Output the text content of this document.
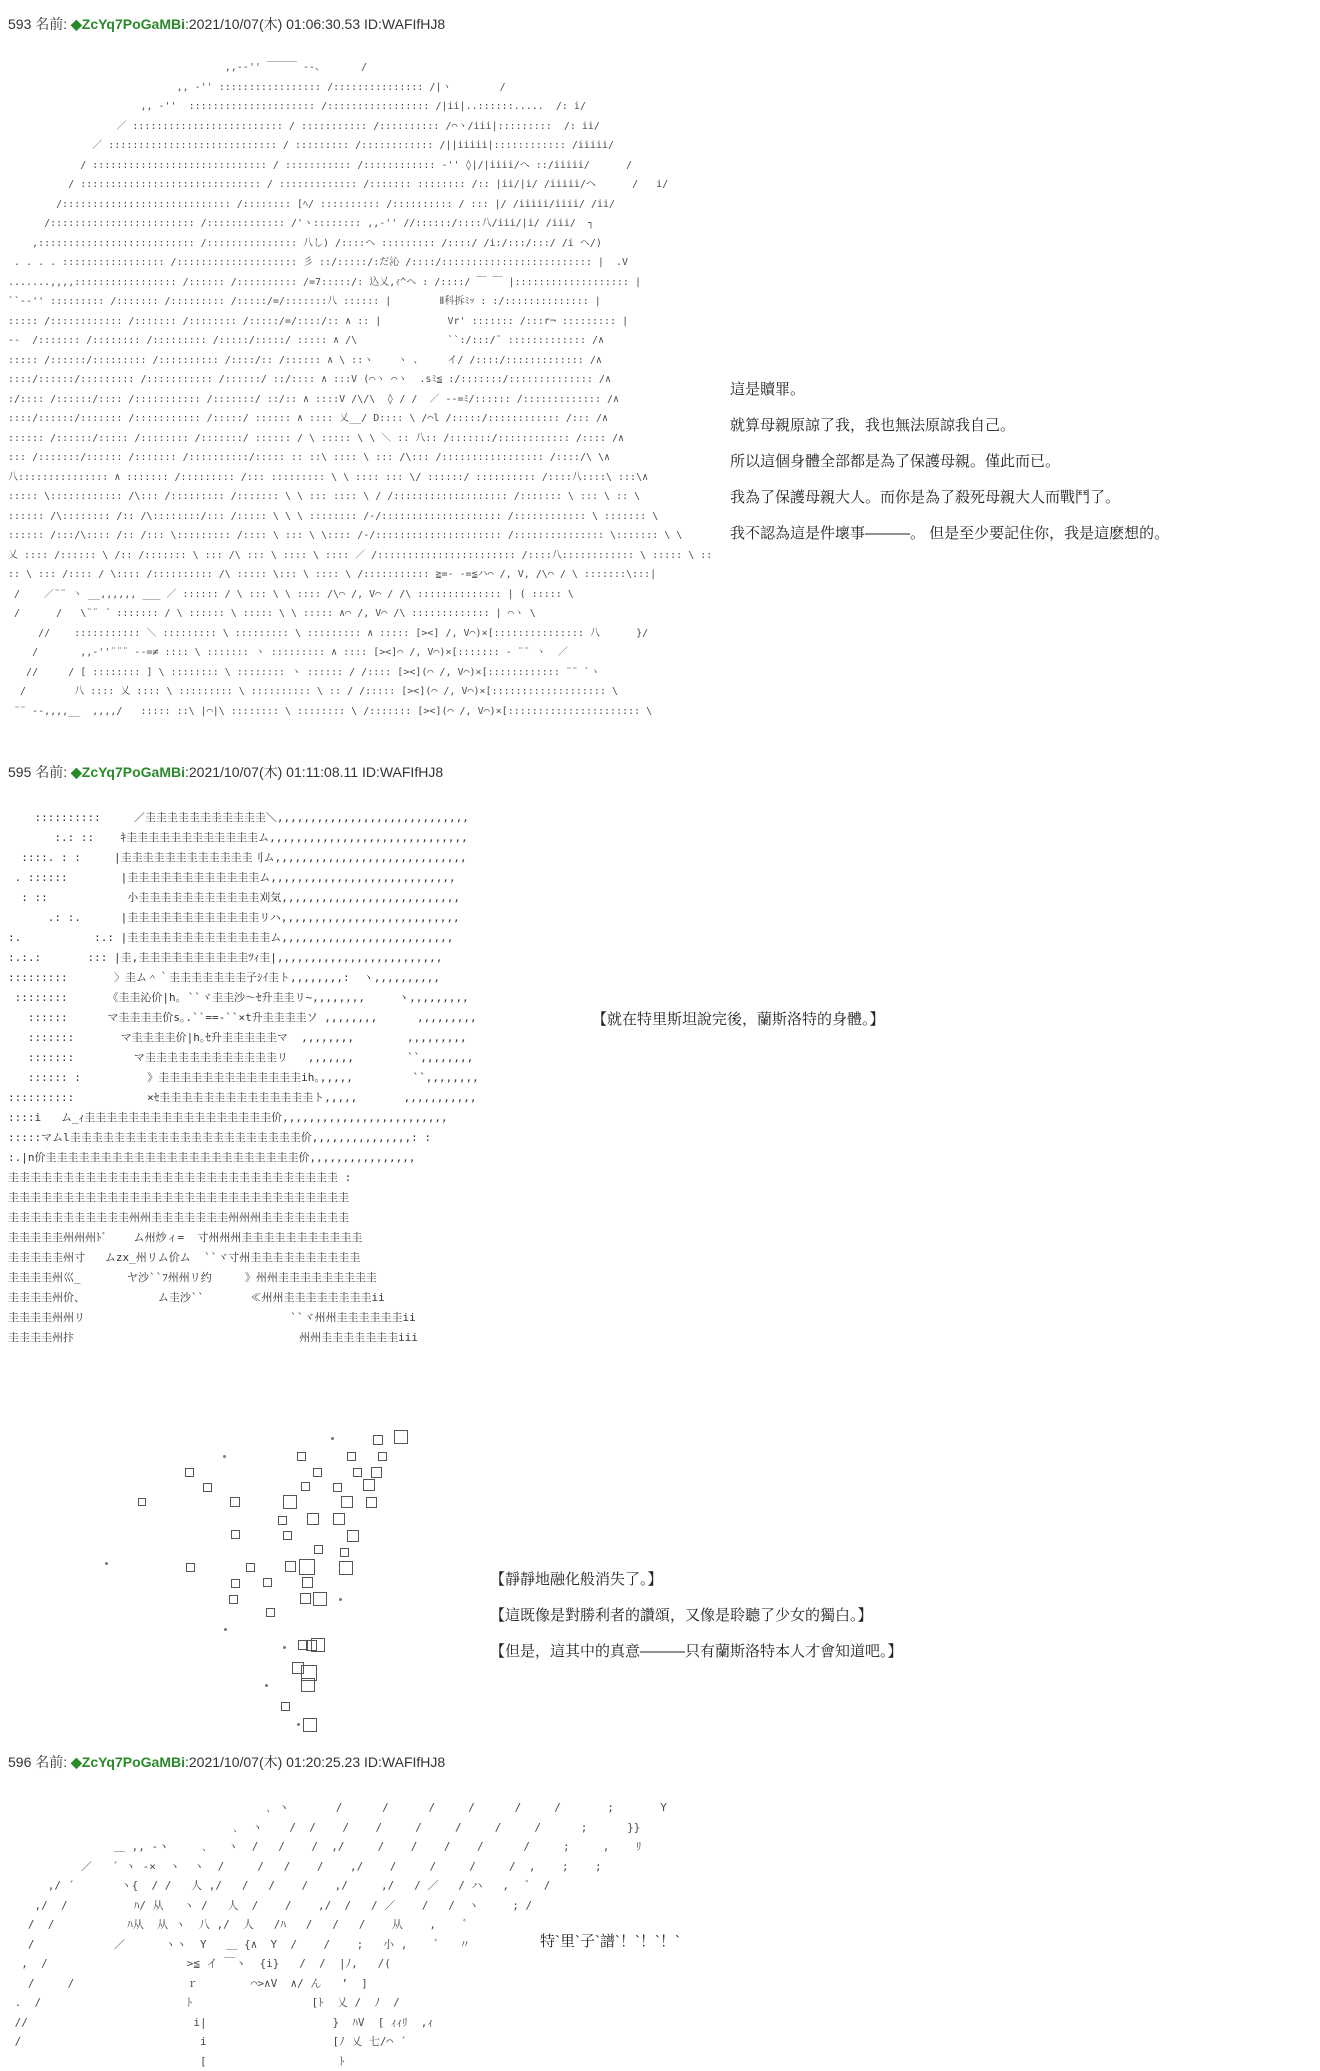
593 名前: ◆ZcYq7PoGaMBi:2021/10/07(木) 01:06:30.53 ID:WAFIfHJ8
,,-‐'' ￣￣￣ ‐-、      /
,, -'' ::::::::::::::::: /::::::::::::::: /|ヽ        /
,, -''  ::::::::::::::::::::: /::::::::::::::::: /|ii|..::::::.....  /: i/
／ ::::::::::::::::::::::::: / ::::::::::: /:::::::::: /⌒ヽ/iii|:::::::::  /: ii/
／ :::::::::::::::::::::::::::: / ::::::::: /:::::::::::: /||iiiii|:::::::::::: /iiiii/
/ ::::::::::::::::::::::::::::: / ::::::::::: /:::::::::::: ‐'' ◊|/|iiii/ヘ ::/iiiii/      /
/ :::::::::::::::::::::::::::::: / ::::::::::::: /::::::: :::::::: /:: |ii/|i/ /iiiii/ヘ      /   i/
/:::::::::::::::::::::::::::: /:::::::: [ﾍ/ :::::::::: /:::::::::: / ::: |/ /iiiii/iiii/ /ii/
/:::::::::::::::::::::::: /::::::::::::: /'ヽ:::::::: ,,-'' //::::::/::::八/iii/|i/ /iii/  ┐
,:::::::::::::::::::::::::: /::::::::::::::: 八し) /::::ヘ ::::::::: /::::/ /i:/:::/:::/ /i ヘ/)
. . . . ::::::::::::::::: /:::::::::::::::::::: 彡 ::/:::::/:だ沁 /::::/::::::::::::::::::::::::: |  .V
.......,,,,::::::::::::::::: /:::::: /:::::::::: /=7:::::/: 込乂,ｨ^ヘ : /::::/ ￣ ￣ |::::::::::::::::::: |
``‐-'' ::::::::: /::::::: /::::::::: /:::::/=/:::::::八 :::::: |        Ⅱ科拆ﾐｯ : :/:::::::::::::: |
::::: /:::::::::::: /::::::: /:::::::: /:::::/=/::::/:: ∧ :: |           Vr' ::::::: /:::r¬ ::::::::: |
--  /::::::: /:::::::: /::::::::: /:::::/:::::/ ::::: ∧ /\               ``:/:::/¨ ::::::::::::: /∧
::::: /::::::/::::::::: /:::::::::: /::::/:: /:::::: ∧ \ ::ヽ    ヽ 、    イ/ /::::/::::::::::::: /∧
::::/::::::/::::::::: /::::::::::: /::::::/ ::/:::: ∧ :::V (⌒ヽ ⌒ヽ  .sﾐ≦ :/:::::::/:::::::::::::: /∧
:/:::: /::::::/:::: /::::::::::: /:::::::/ ::/:: ∧ ::::V /\/\  ◊ / /  ／ ‐‐=ﾐ/:::::: /::::::::::::: /∧
::::/::::::/::::::: /::::::::::: /:::::/ :::::: ∧ :::: 乂__/ D:::: \ /⌒l /:::::/:::::::::::: /::: /∧
:::::: /::::::/::::: /:::::::: /:::::::/ :::::: / \ ::::: \ \ ＼ :: 八:: /:::::::/:::::::::::: /:::: /∧
::: /:::::::/:::::: /::::::: /::::::::::/::::: :: ::\ :::: \ ::: /\::: /::::::::::::::::: /::::/\ \∧
八::::::::::::::: ∧ ::::::: /::::::::: /::: ::::::::: \ \ :::: ::: \/ ::::::/ :::::::::: /::::八::::\ :::\∧
::::: \:::::::::::: /\::: /::::::::: /::::::: \ \ ::: :::: \ / /::::::::::::::::::: /::::::: \ ::: \ :: \
:::::: /\:::::::: /:: /\::::::::/::: /::::: \ \ \ :::::::: /‐/:::::::::::::::::::: /:::::::::::: \ ::::::: \
:::::: /:::/\:::: /:: /::: \::::::::: /:::: \ ::: \ \:::: /‐/::::::::::::::::::::: /::::::::::::::: \::::::: \ \
乂 :::: /:::::: \ /:: /::::::: \ ::: /\ ::: \ :::: \ :::: ／ /::::::::::::::::::::::: /::::八:::::::::::: \ ::::: \ ::
:: \ ::: /:::: / \:::: /:::::::::: /\ ::::: \::: \ :::: \ /::::::::::: ≧=‐ -=≦ハ⌒ /, V, /\⌒ / \ :::::::\:::|
/    ／¨¨ ヽ __,,,,,, ___ ／ :::::: / \ ::: \ \ :::: /\⌒ /, V⌒ / /\ :::::::::::::: | ( ::::: \
/      /   \¨¨ ´ ::::::: / \ :::::: \ ::::: \ \ ::::: ∧⌒ /, V⌒ /\ ::::::::::::: | ⌒ヽ \
//    ::::::::::: ＼ ::::::::: \ ::::::::: \ ::::::::: ∧ ::::: [><] /, V⌒)×[::::::::::::::: 八      }/
/       ,,‐''¨¨¨ ‐‐=≠ :::: \ ::::::: ヽ ::::::::: ∧ :::: [><]⌒ /, V⌒)×[::::::: ‐ ¨¨ ヽ  ／
//     / [ :::::::: ] \ :::::::: \ :::::::: ヽ :::::: / /:::: [><](⌒ /, V⌒)×[:::::::::::: ¨¨ `ヽ
/        八 :::: 乂 :::: \ ::::::::: \ :::::::::: \ :: / /::::: [><](⌒ /, V⌒)×[::::::::::::::::::: \
¨¨ ‐-,,,,__  ,,,,/   ::::: ::\ |⌒|\ :::::::: \ :::::::: \ /::::::: [><](⌒ /, V⌒)×[:::::::::::::::::::::: \
這是贖罪。
就算母親原諒了我，我也無法原諒我自己。
所以這個身體全部都是為了保護母親。僅此而已。
我為了保護母親大人。而你是為了殺死母親大人而戰鬥了。
我不認為這是件壞事———。 但是至少要記住你，我是這麽想的。
595 名前: ◆ZcYq7PoGaMBi:2021/10/07(木) 01:11:08.11 ID:WAFIfHJ8
::::::::::     ／圭圭圭圭圭圭圭圭圭圭圭＼,,,,,,,,,,,,,,,,,,,,,,,,,,,,,
:.: ::    ｷ圭圭圭圭圭圭圭圭圭圭圭圭ム,,,,,,,,,,,,,,,,,,,,,,,,,,,,,,
::::. : :     |圭圭圭圭圭圭圭圭圭圭圭圭刂ム,,,,,,,,,,,,,,,,,,,,,,,,,,,,,
. ::::::        |圭圭圭圭圭圭圭圭圭圭圭圭ム,,,,,,,,,,,,,,,,,,,,,,,,,,,,
: ::            小圭圭圭圭圭圭圭圭圭圭圭刈気,,,,,,,,,,,,,,,,,,,,,,,,,,,
.: :.      |圭圭圭圭圭圭圭圭圭圭圭圭リハ,,,,,,,,,,,,,,,,,,,,,,,,,,,
:.           :.: |圭圭圭圭圭圭圭圭圭圭圭圭圭ム,,,,,,,,,,,,,,,,,,,,,,,,,,
:.:.:       ::: |圭,圭圭圭圭圭圭圭圭圭圭ﾂｨ圭|,,,,,,,,,,,,,,,,,,,,,,,,,
:::::::::       〉圭ム＾｀圭圭圭圭圭圭圭子ｼｲ圭ト,,,,,,,,:  ヽ,,,,,,,,,,
::::::::      《圭圭沁价|h｡ ``ヾ圭圭沙～ｾ升圭圭リ~,,,,,,,,     ヽ,,,,,,,,,
::::::      マ圭圭圭圭价s｡.``==‐``×t升圭圭圭圭ソ ,,,,,,,,      ,,,,,,,,,
:::::::       マ圭圭圭圭价|h｡ｾ升圭圭圭圭圭マ  ,,,,,,,,        ,,,,,,,,,
:::::::         マ圭圭圭圭圭圭圭圭圭圭圭圭リ   ,,,,,,,        ``,,,,,,,,
:::::: :          》圭圭圭圭圭圭圭圭圭圭圭圭圭ih｡,,,,,         ``,,,,,,,,
::::::::::           ×ｾ圭圭圭圭圭圭圭圭圭圭圭圭圭圭ト,,,,,       ,,,,,,,,,,,
::::i   ム_ｨ圭圭圭圭圭圭圭圭圭圭圭圭圭圭圭圭圭价,,,,,,,,,,,,,,,,,,,,,,,,,
:::::マムl圭圭圭圭圭圭圭圭圭圭圭圭圭圭圭圭圭圭圭圭圭价,,,,,,,,,,,,,,,: :
:.|n价圭圭圭圭圭圭圭圭圭圭圭圭圭圭圭圭圭圭圭圭圭圭圭价,,,,,,,,,,,,,,,,
圭圭圭圭圭圭圭圭圭圭圭圭圭圭圭圭圭圭圭圭圭圭圭圭圭圭圭圭圭圭 :
圭圭圭圭圭圭圭圭圭圭圭圭圭圭圭圭圭圭圭圭圭圭圭圭圭圭圭圭圭圭圭
圭圭圭圭圭圭圭圭圭圭圭州州圭圭圭圭圭圭圭州州州圭圭圭圭圭圭圭圭
圭圭圭圭圭州州州ﾄﾞ    ム州炒ィ=  寸州州州圭圭圭圭圭圭圭圭圭圭圭
圭圭圭圭圭州寸   ムzx_州リム价ム  ``ヾ寸州圭圭圭圭圭圭圭圭圭圭
圭圭圭圭州巛_       ヤ沙``ﾌ州州リ约     》州州圭圭圭圭圭圭圭圭圭
圭圭圭圭州价、           ム圭沙``       ≪州州圭圭圭圭圭圭圭圭ii
圭圭圭圭州州リ                               ``ヾ州州圭圭圭圭圭圭ii
圭圭圭圭州抃                                  州州圭圭圭圭圭圭圭iii
【就在特里斯坦說完後，蘭斯洛特的身體。】
【靜靜地融化般消失了。】
【這既像是對勝利者的讚頌，又像是聆聽了少女的獨白。】
【但是，這其中的真意———只有蘭斯洛特本人才會知道吧。】
596 名前: ◆ZcYq7PoGaMBi:2021/10/07(木) 01:20:25.23 ID:WAFIfHJ8
､ ヽ       /      /      /     /      /     /       ;       Y
､  ヽ    /  /    /    /     /     /     /     /      ;      }}
＿ ,, -ヽ     ､   ヽ  /   /    /  ,/     /    /    /    /      /     ;     ,    ﾘ
／   ´ ヽ -×  ヽ  ヽ  /     /   /    /    ,/    /     /     /     /  ,    ;    ;
,/ ´       ヽ{  / /   人 ,/   /   /    /    ,/     ,/   / ／   / ハ   ,   ﾞ  /
,/  /          ﾊ/ 从   ヽ /   人  /    /    ,/  /   / ／    /   /  ヽ     ; /
/  /           ﾊ从  从 ヽ  八 ,/  人   /ﾊ   /   /   /    从    ,    ﾞ
/            ／      ヽヽ  Y   ＿ {∧  Y  /    /    ;   小 ,    ﾞ   〃
,  /                     >≦ イ ￣ヽ  {i}   /  /  |ﾉ,   /(
/     /                 ｒ        ⌒>∧V  ∧/ ん   ’  ]
.  /                      ﾄ                  [ﾄ  乂 /  ﾉ  /
//                         i|                   }  ﾊV  [ ｨｨﾘ  ,ｨ
/                           i                   [ﾉ 乂 七/⌒ ´
[                    ﾄ
特`里`子`譜`！`！`！`
